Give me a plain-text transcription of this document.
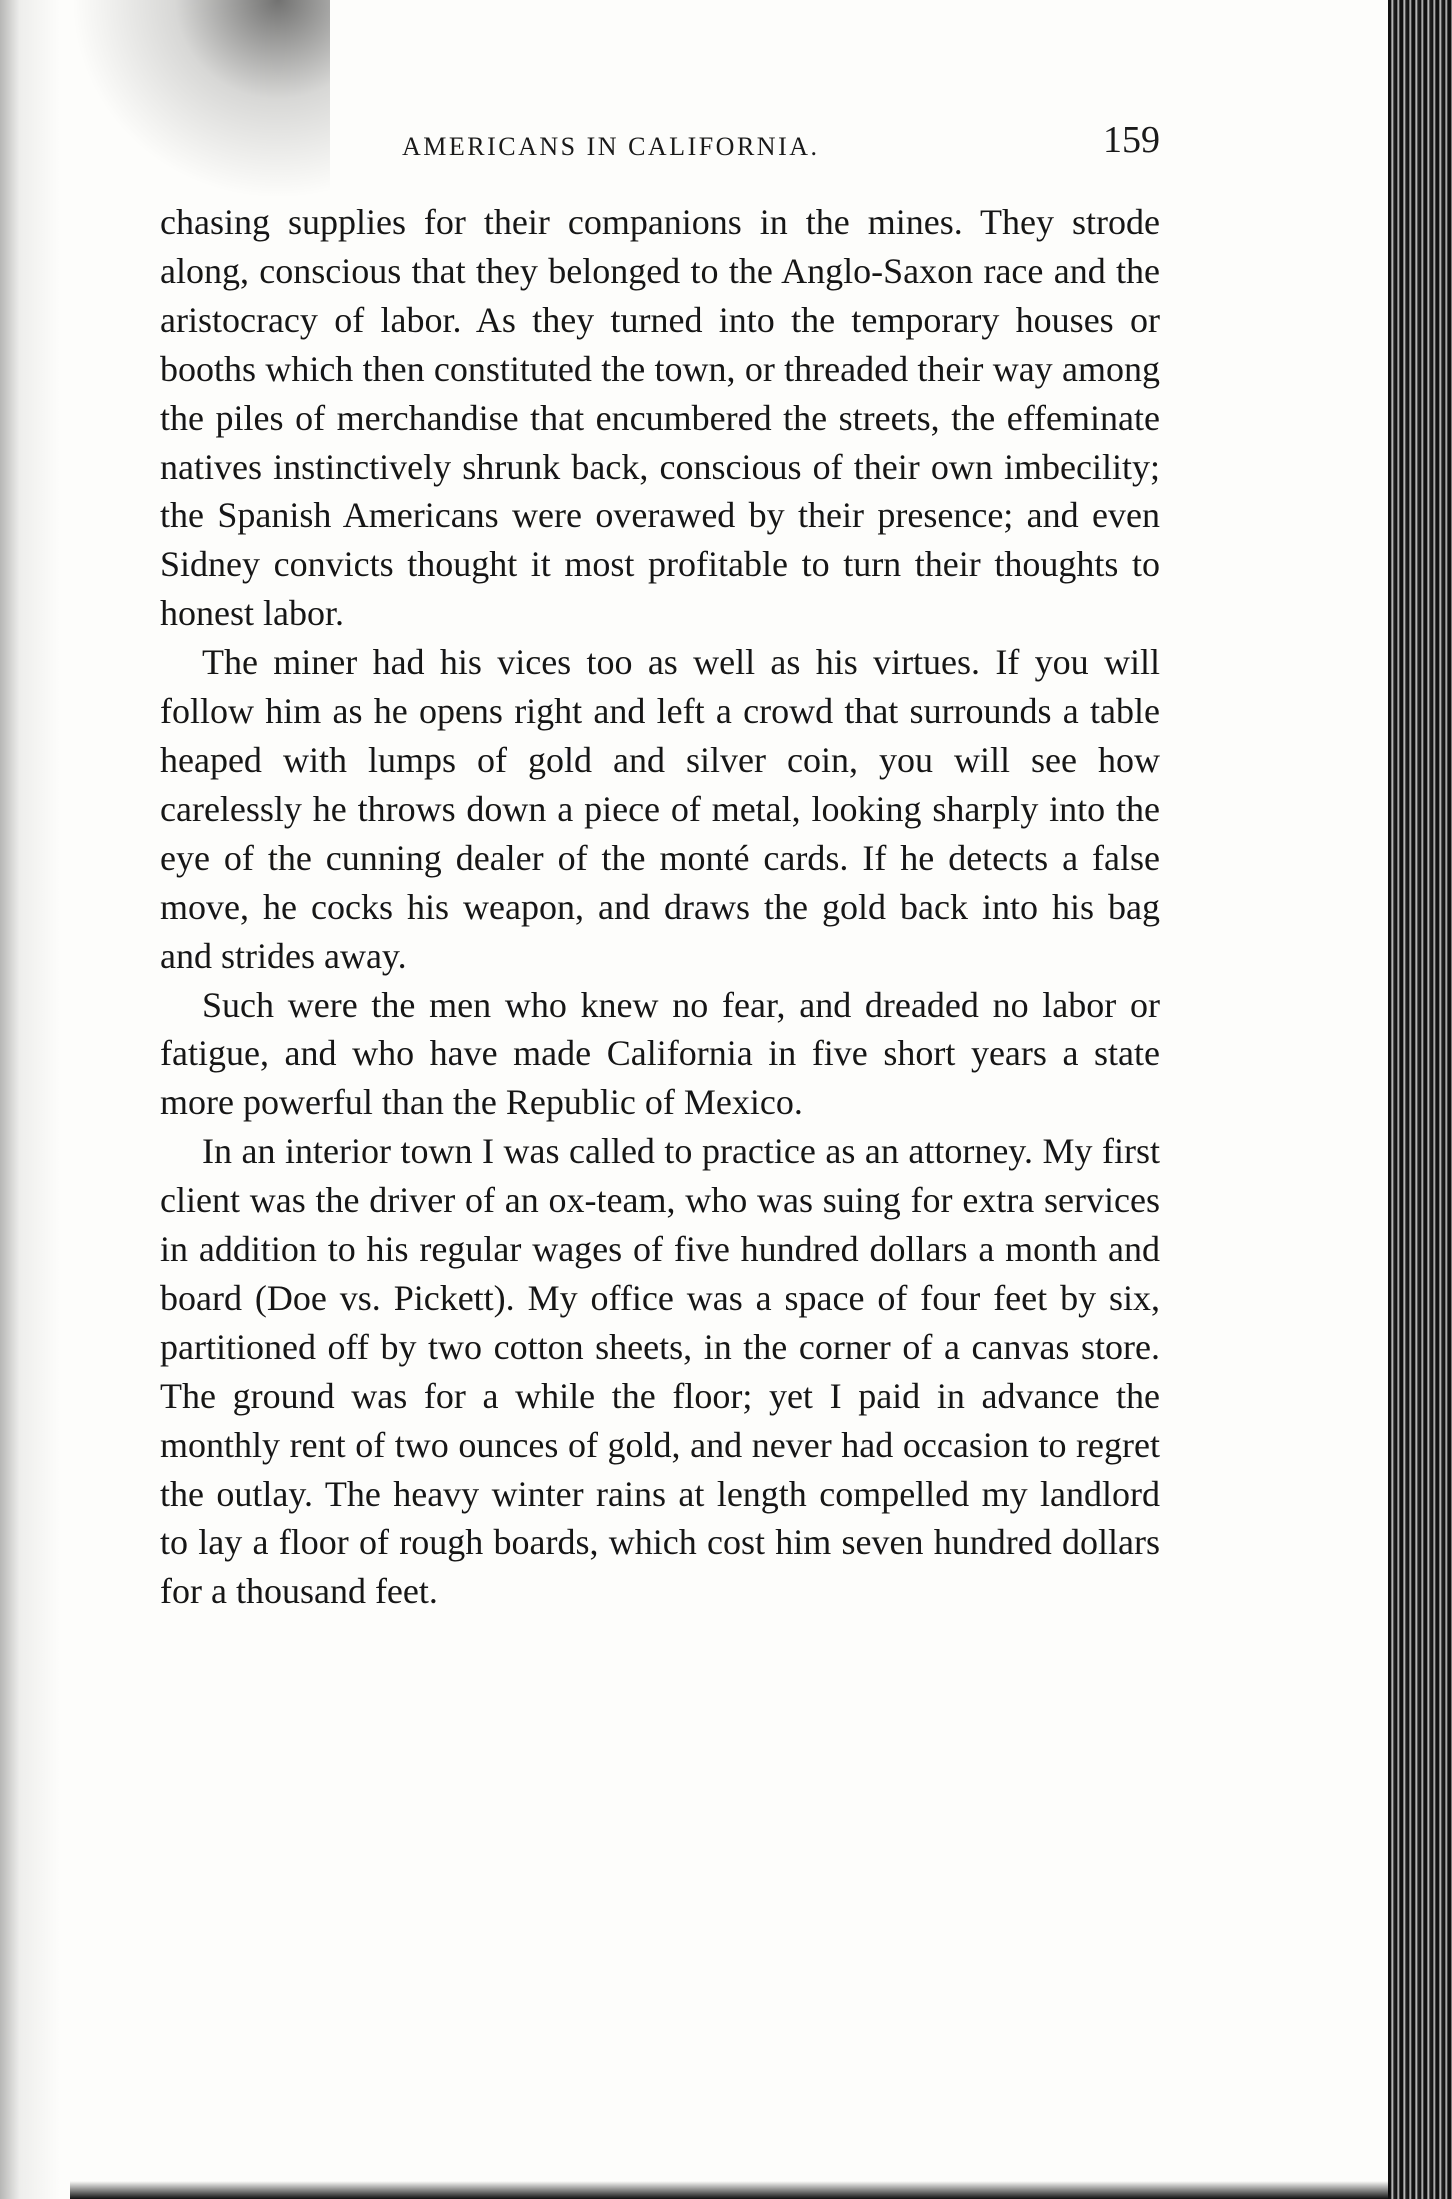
AMERICANS IN CALIFORNIA.	159

chasing supplies for their companions in the mines. They strode along, conscious that they belonged to the Anglo-Saxon race and the aristocracy of labor. As they turned into the temporary houses or booths which then constituted the town, or threaded their way among the piles of merchandise that encumbered the streets, the effeminate natives instinctively shrunk back, conscious of their own imbecility; the Spanish Americans were overawed by their presence; and even Sidney convicts thought it most profitable to turn their thoughts to honest labor.

The miner had his vices too as well as his virtues. If you will follow him as he opens right and left a crowd that surrounds a table heaped with lumps of gold and silver coin, you will see how carelessly he throws down a piece of metal, looking sharply into the eye of the cunning dealer of the monté cards. If he detects a false move, he cocks his weapon, and draws the gold back into his bag and strides away.

Such were the men who knew no fear, and dreaded no labor or fatigue, and who have made California in five short years a state more powerful than the Republic of Mexico.

In an interior town I was called to practice as an attorney. My first client was the driver of an ox-team, who was suing for extra services in addition to his regular wages of five hundred dollars a month and board (Doe vs. Pickett). My office was a space of four feet by six, partitioned off by two cotton sheets, in the corner of a canvas store. The ground was for a while the floor; yet I paid in advance the monthly rent of two ounces of gold, and never had occasion to regret the outlay. The heavy winter rains at length compelled my landlord to lay a floor of rough boards, which cost him seven hundred dollars for a thousand feet.
